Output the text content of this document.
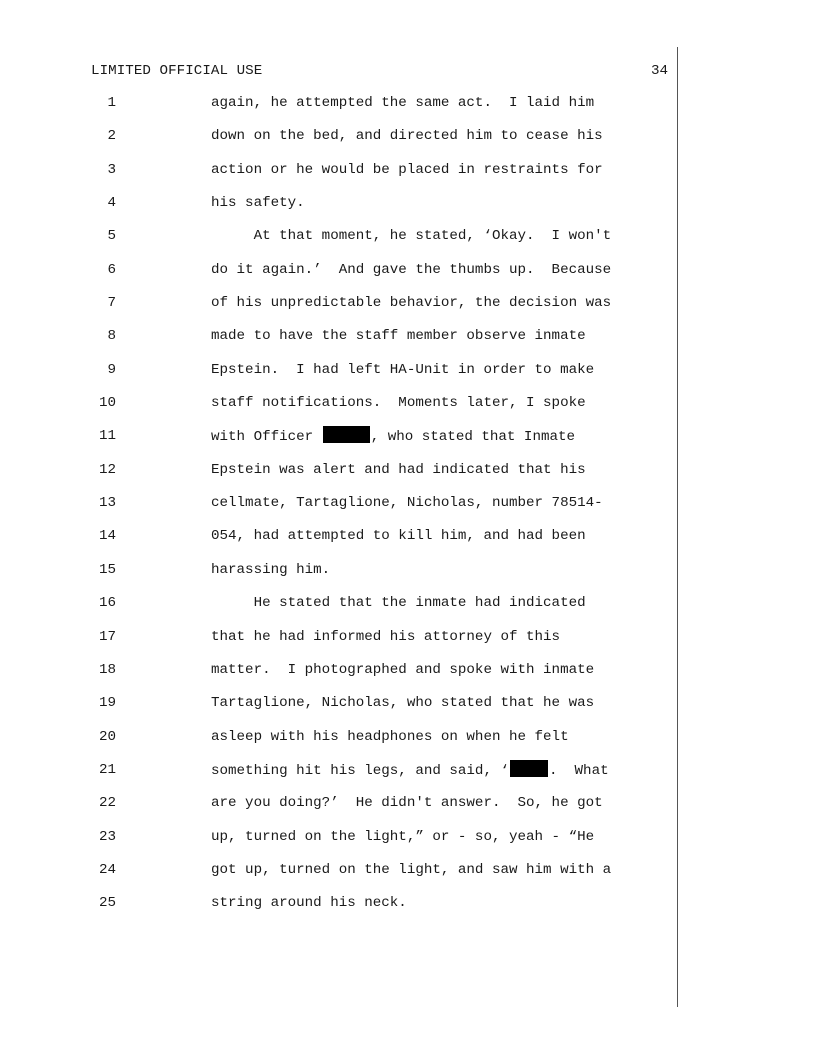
LIMITED OFFICIAL USE	34
1	again, he attempted the same act.  I laid him
2	down on the bed, and directed him to cease his
3	action or he would be placed in restraints for
4	his safety.
5	At that moment, he stated, ‘Okay.  I won't
6	do it again.’  And gave the thumbs up.  Because
7	of his unpredictable behavior, the decision was
8	made to have the staff member observe inmate
9	Epstein.  I had left HA-Unit in order to make
10	staff notifications.  Moments later, I spoke
11	with Officer	, who stated that Inmate
12	Epstein was alert and had indicated that his
13	cellmate, Tartaglione, Nicholas, number 78514-
14	054, had attempted to kill him, and had been
15	harassing him.
16	He stated that the inmate had indicated
17	that he had informed his attorney of this
18	matter.  I photographed and spoke with inmate
19	Tartaglione, Nicholas, who stated that he was
20	asleep with his headphones on when he felt
21	something hit his legs, and said, ‘	.  What
22	are you doing?’  He didn't answer.  So, he got
23	up, turned on the light,” or - so, yeah - “He
24	got up, turned on the light, and saw him with a
25	string around his neck.
